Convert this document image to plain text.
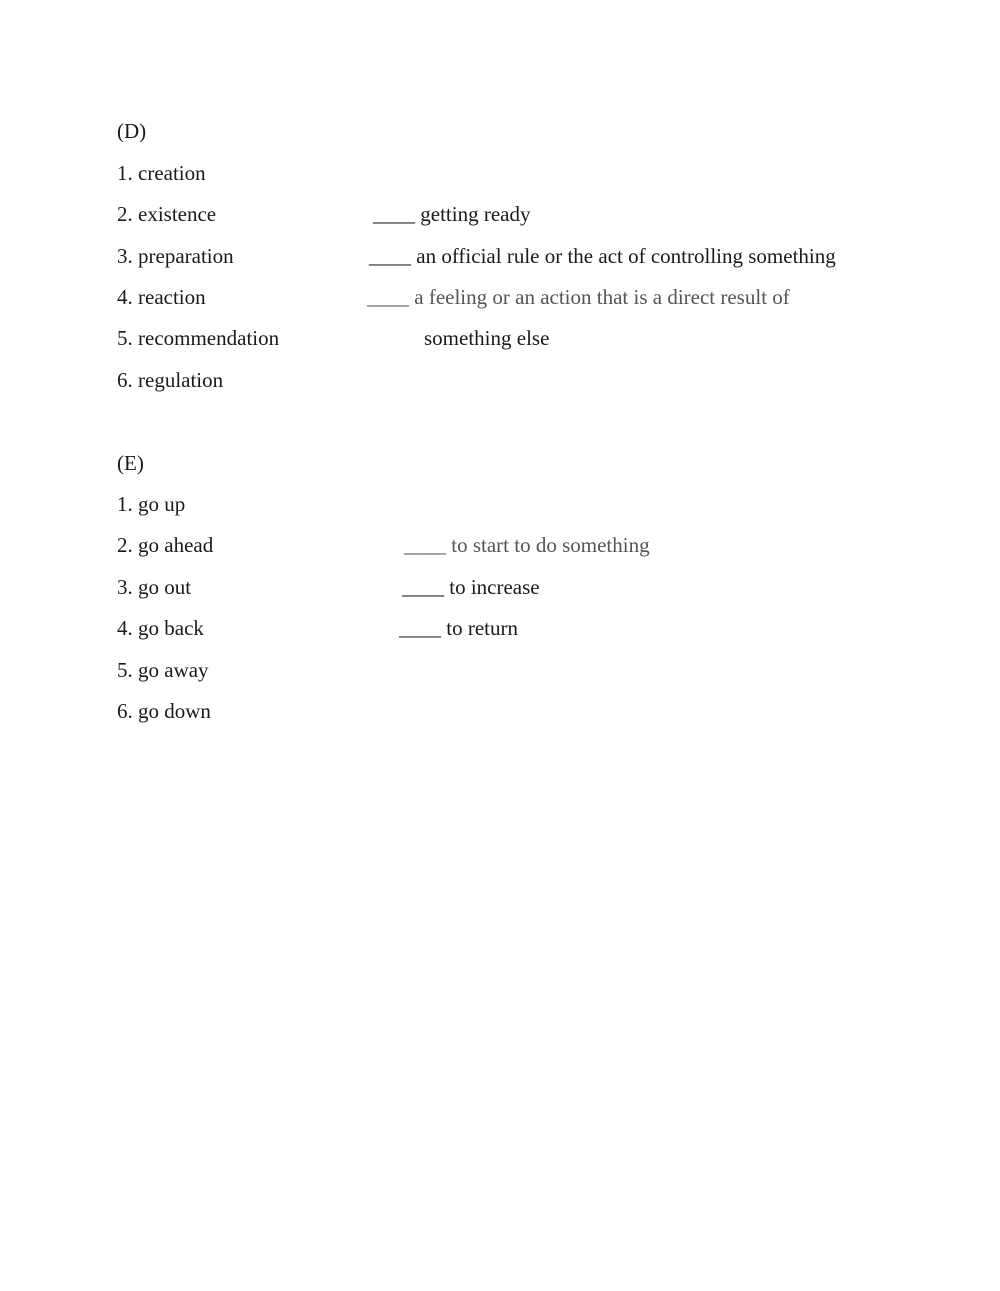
(D)
1. creation
2. existence
3. preparation
4. reaction
5. recommendation
6. regulation
____ getting ready
____ an official rule or the act of controlling something
____ a feeling or an action that is a direct result of
something else
(E)
1. go up
2. go ahead
3. go out
4. go back
5. go away
6. go down
____ to start to do something
____ to increase
____ to return
